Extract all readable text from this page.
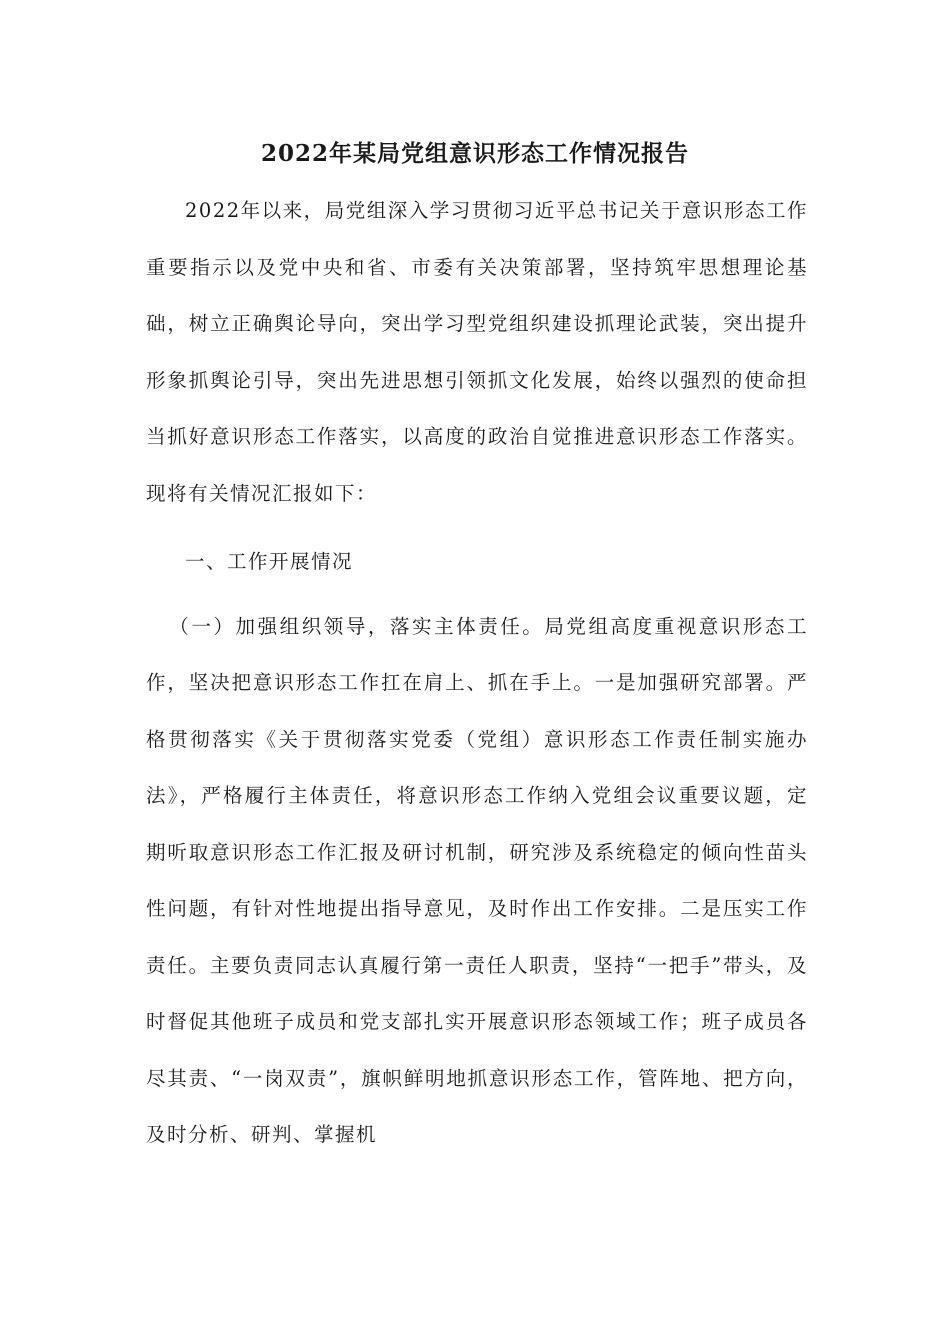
2022年某局党组意识形态工作情况报告

2022年以来，局党组深入学习贯彻习近平总书记关于意识形态工作重要指示以及党中央和省、市委有关决策部署，坚持筑牢思想理论基础，树立正确舆论导向，突出学习型党组织建设抓理论武装，突出提升形象抓舆论引导，突出先进思想引领抓文化发展，始终以强烈的使命担当抓好意识形态工作落实，以高度的政治自觉推进意识形态工作落实。现将有关情况汇报如下：

一、工作开展情况

（一）加强组织领导，落实主体责任。局党组高度重视意识形态工作，坚决把意识形态工作扛在肩上、抓在手上。一是加强研究部署。严格贯彻落实《关于贯彻落实党委（党组）意识形态工作责任制实施办法》，严格履行主体责任，将意识形态工作纳入党组会议重要议题，定期听取意识形态工作汇报及研讨机制，研究涉及系统稳定的倾向性苗头性问题，有针对性地提出指导意见，及时作出工作安排。二是压实工作责任。主要负责同志认真履行第一责任人职责，坚持“一把手”带头，及时督促其他班子成员和党支部扎实开展意识形态领域工作；班子成员各尽其责、“一岗双责”，旗帜鲜明地抓意识形态工作，管阵地、把方向，及时分析、研判、掌握机
